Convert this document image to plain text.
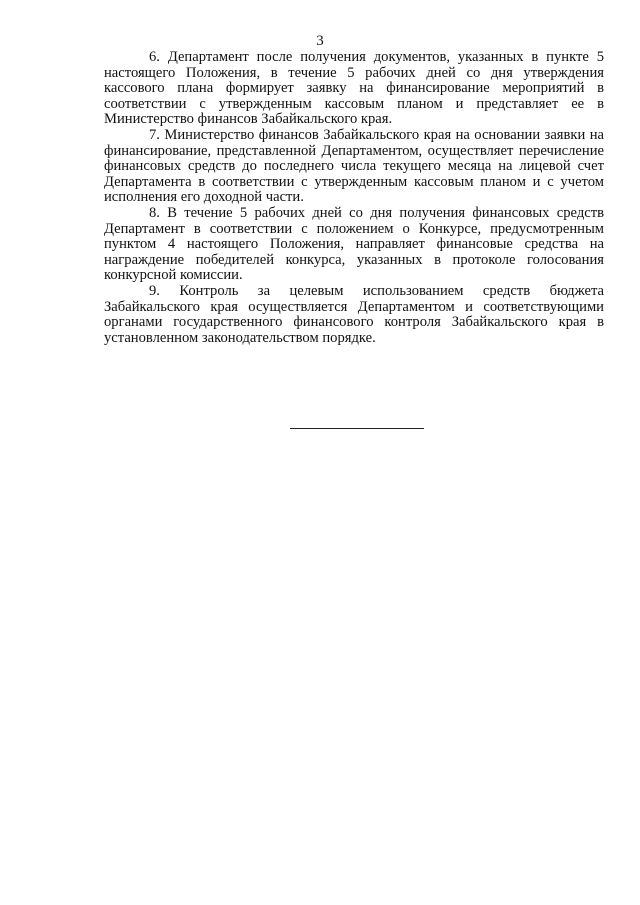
3

6. Департамент после получения документов, указанных в пункте 5 настоящего Положения, в течение 5 рабочих дней со дня утверждения кассового плана формирует заявку на финансирование мероприятий в соответствии с утвержденным кассовым планом и представляет ее в Министерство финансов Забайкальского края.

7. Министерство финансов Забайкальского края на основании заявки на финансирование, представленной Департаментом, осуществляет перечисление финансовых средств до последнего числа текущего месяца на лицевой счет Департамента в соответствии с утвержденным кассовым планом и с учетом исполнения его доходной части.

8. В течение 5 рабочих дней со дня получения финансовых средств Департамент в соответствии с положением о Конкурсе, предусмотренным пунктом 4 настоящего Положения, направляет финансовые средства на награждение победителей конкурса, указанных в протоколе голосования конкурсной комиссии.

9. Контроль за целевым использованием средств бюджета Забайкальского края осуществляется Департаментом и соответствующими органами государственного финансового контроля Забайкальского края в установленном законодательством порядке.
